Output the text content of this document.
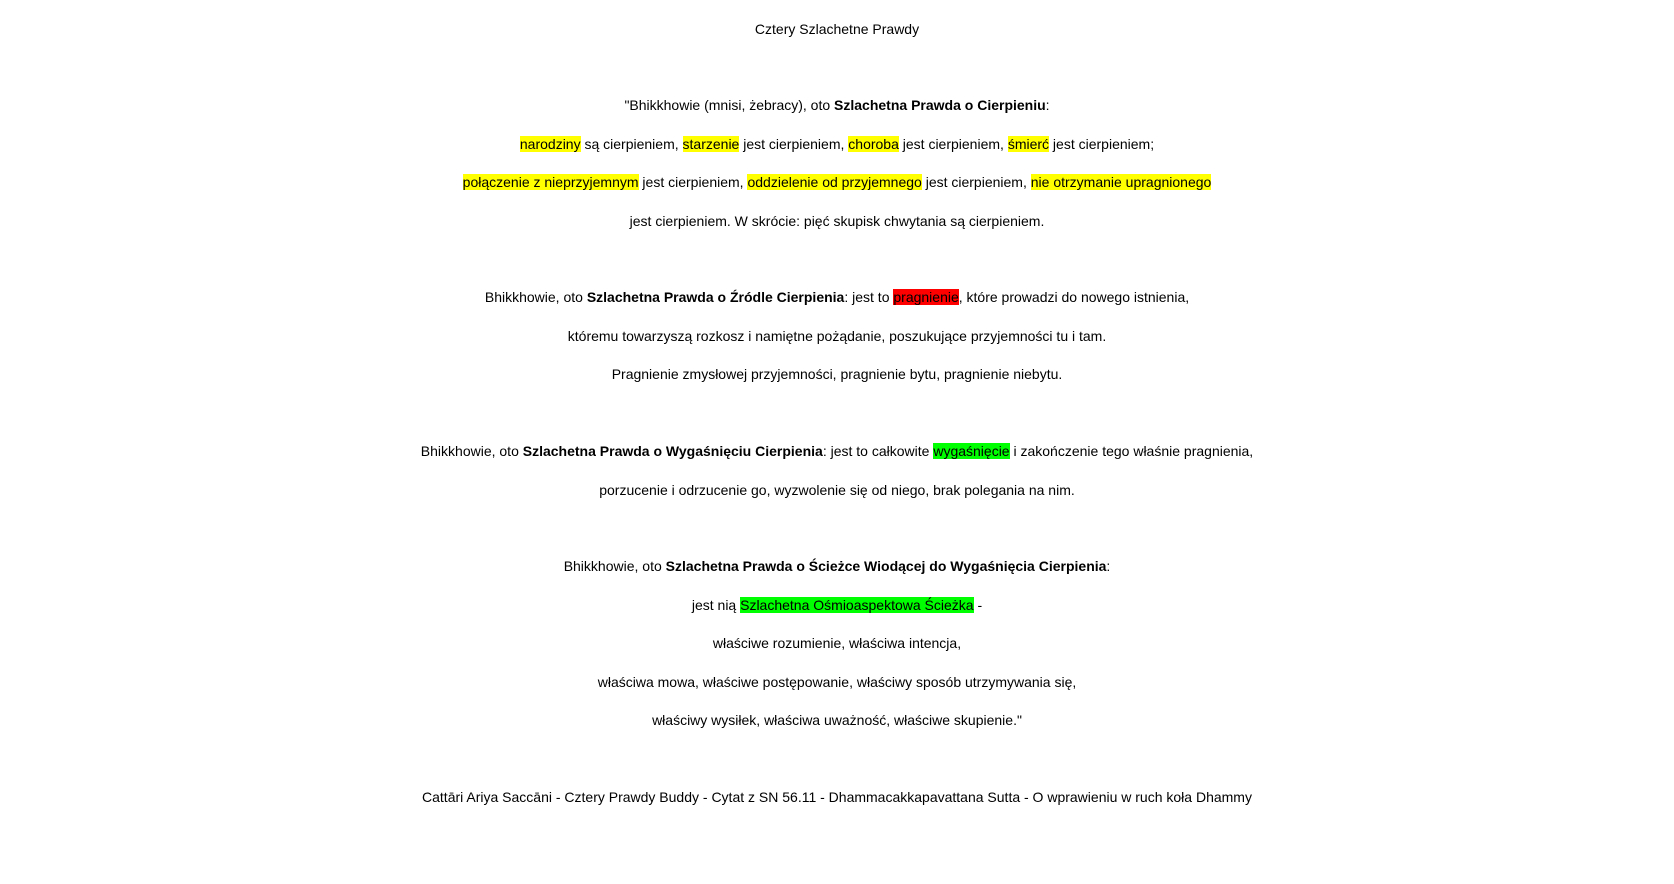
Cztery Szlachetne Prawdy
"Bhikkhowie (mnisi, żebracy), oto Szlachetna Prawda o Cierpieniu:
narodziny są cierpieniem, starzenie jest cierpieniem, choroba jest cierpieniem, śmierć jest cierpieniem;
połączenie z nieprzyjemnym jest cierpieniem, oddzielenie od przyjemnego jest cierpieniem, nie otrzymanie upragnionego
jest cierpieniem. W skrócie: pięć skupisk chwytania są cierpieniem.
Bhikkhowie, oto Szlachetna Prawda o Źródle Cierpienia: jest to pragnienie, które prowadzi do nowego istnienia,
któremu towarzyszą rozkosz i namiętne pożądanie, poszukujące przyjemności tu i tam.
Pragnienie zmysłowej przyjemności, pragnienie bytu, pragnienie niebytu.
Bhikkhowie, oto Szlachetna Prawda o Wygaśnięciu Cierpienia: jest to całkowite wygaśnięcie i zakończenie tego właśnie pragnienia,
porzucenie i odrzucenie go, wyzwolenie się od niego, brak polegania na nim.
Bhikkhowie, oto Szlachetna Prawda o Ścieżce Wiodącej do Wygaśnięcia Cierpienia:
jest nią Szlachetna Ośmioaspektowa Ścieżka -
właściwe rozumienie, właściwa intencja,
właściwa mowa, właściwe postępowanie, właściwy sposób utrzymywania się,
właściwy wysiłek, właściwa uważność, właściwe skupienie."
Cattāri Ariya Saccāni - Cztery Prawdy Buddy - Cytat z SN 56.11 - Dhammacakkapavattana Sutta - O wprawieniu w ruch koła Dhammy
